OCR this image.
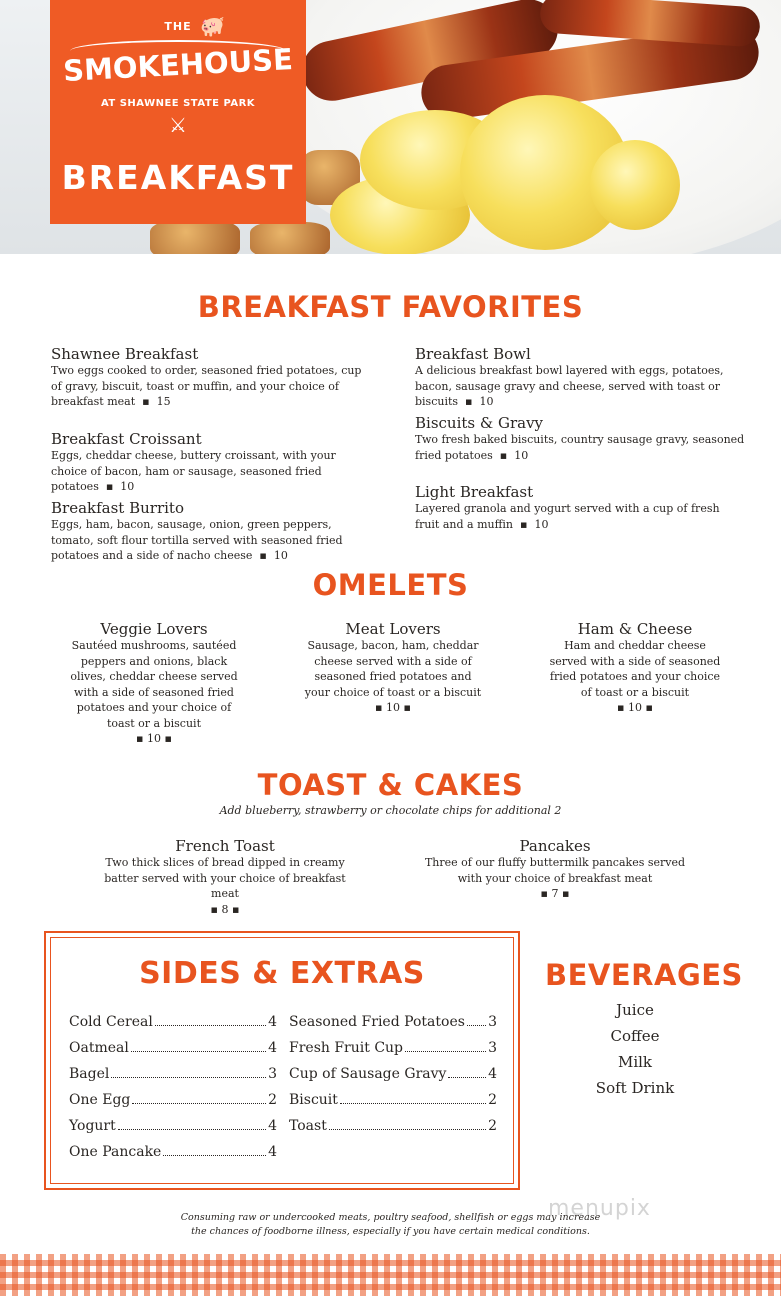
THE 🐖
SMOKEHOUSE
AT SHAWNEE STATE PARK
⚔
BREAKFAST
BREAKFAST FAVORITES
Shawnee Breakfast
Two eggs cooked to order, seasoned fried potatoes, cup of gravy, biscuit, toast or muffin, and your choice of breakfast meat  ▪  15
Breakfast Croissant
Eggs, cheddar cheese, buttery croissant, with your choice of bacon, ham or sausage, seasoned fried potatoes  ▪  10
Breakfast Burrito
Eggs, ham, bacon, sausage, onion, green peppers, tomato, soft flour tortilla served with seasoned fried potatoes and a side of nacho cheese  ▪  10
Breakfast Bowl
A delicious breakfast bowl layered with eggs, potatoes, bacon, sausage gravy and cheese, served with toast or biscuits  ▪  10
Biscuits & Gravy
Two fresh baked biscuits, country sausage gravy, seasoned fried potatoes  ▪  10
Light Breakfast
Layered granola and yogurt served with a cup of fresh fruit and a muffin  ▪  10
OMELETS
Veggie Lovers
Sautéed mushrooms, sautéed peppers and onions, black olives, cheddar cheese served with a side of seasoned fried potatoes and your choice of toast or a biscuit
▪ 10 ▪
Meat Lovers
Sausage, bacon, ham, cheddar cheese served with a side of seasoned fried potatoes and your choice of toast or a biscuit
▪ 10 ▪
Ham & Cheese
Ham and cheddar cheese served with a side of seasoned fried potatoes and your choice of toast or a biscuit
▪ 10 ▪
TOAST & CAKES
Add blueberry, strawberry or chocolate chips for additional 2
French Toast
Two thick slices of bread dipped in creamy batter served with your choice of breakfast meat
▪ 8 ▪
Pancakes
Three of our fluffy buttermilk pancakes served with your choice of breakfast meat
▪ 7 ▪
SIDES & EXTRAS
Cold Cereal	4
Oatmeal	4
Bagel	3
One Egg	2
Yogurt	4
One Pancake	4
Seasoned Fried Potatoes 3
Fresh Fruit Cup	3
Cup of Sausage Gravy	4
Biscuit	2
Toast	2
BEVERAGES
Juice
Coffee
Milk
Soft Drink
menupix
Consuming raw or undercooked meats, poultry seafood, shellfish or eggs may increase
the chances of foodborne illness, especially if you have certain medical conditions.
